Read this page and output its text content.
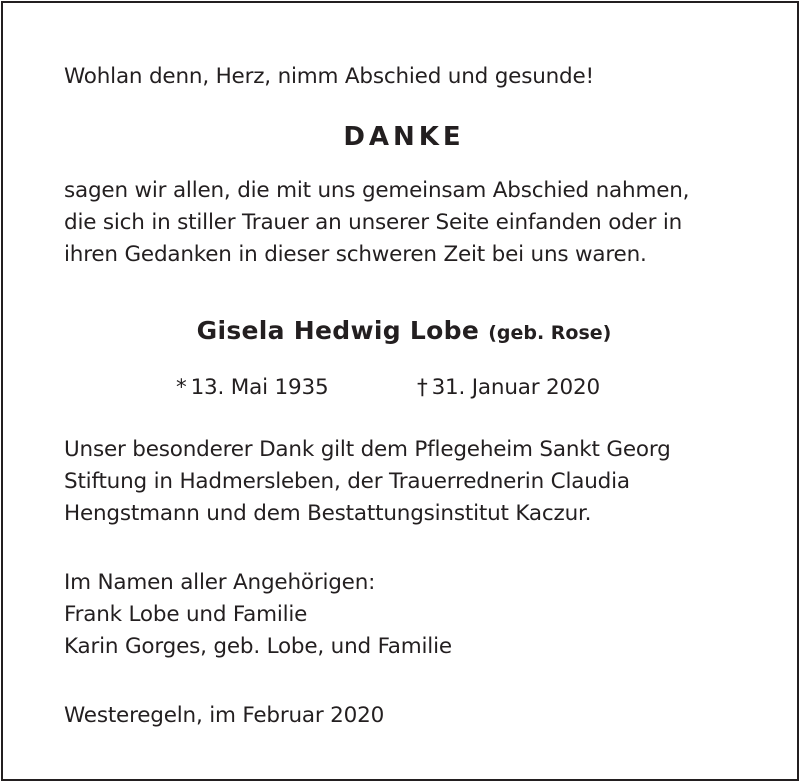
Wohlan denn, Herz, nimm Abschied und gesunde!
DANKE
sagen wir allen, die mit uns gemeinsam Abschied nahmen,
die sich in stiller Trauer an unserer Seite einfanden oder in
ihren Gedanken in dieser schweren Zeit bei uns waren.
Gisela Hedwig Lobe (geb. Rose)
* 13. Mai 1935	† 31. Januar 2020
Unser besonderer Dank gilt dem Pflegeheim Sankt Georg
Stiftung in Hadmersleben, der Trauerrednerin Claudia
Hengstmann und dem Bestattungsinstitut Kaczur.
Im Namen aller Angehörigen:
Frank Lobe und Familie
Karin Gorges, geb. Lobe, und Familie
Westeregeln, im Februar 2020
